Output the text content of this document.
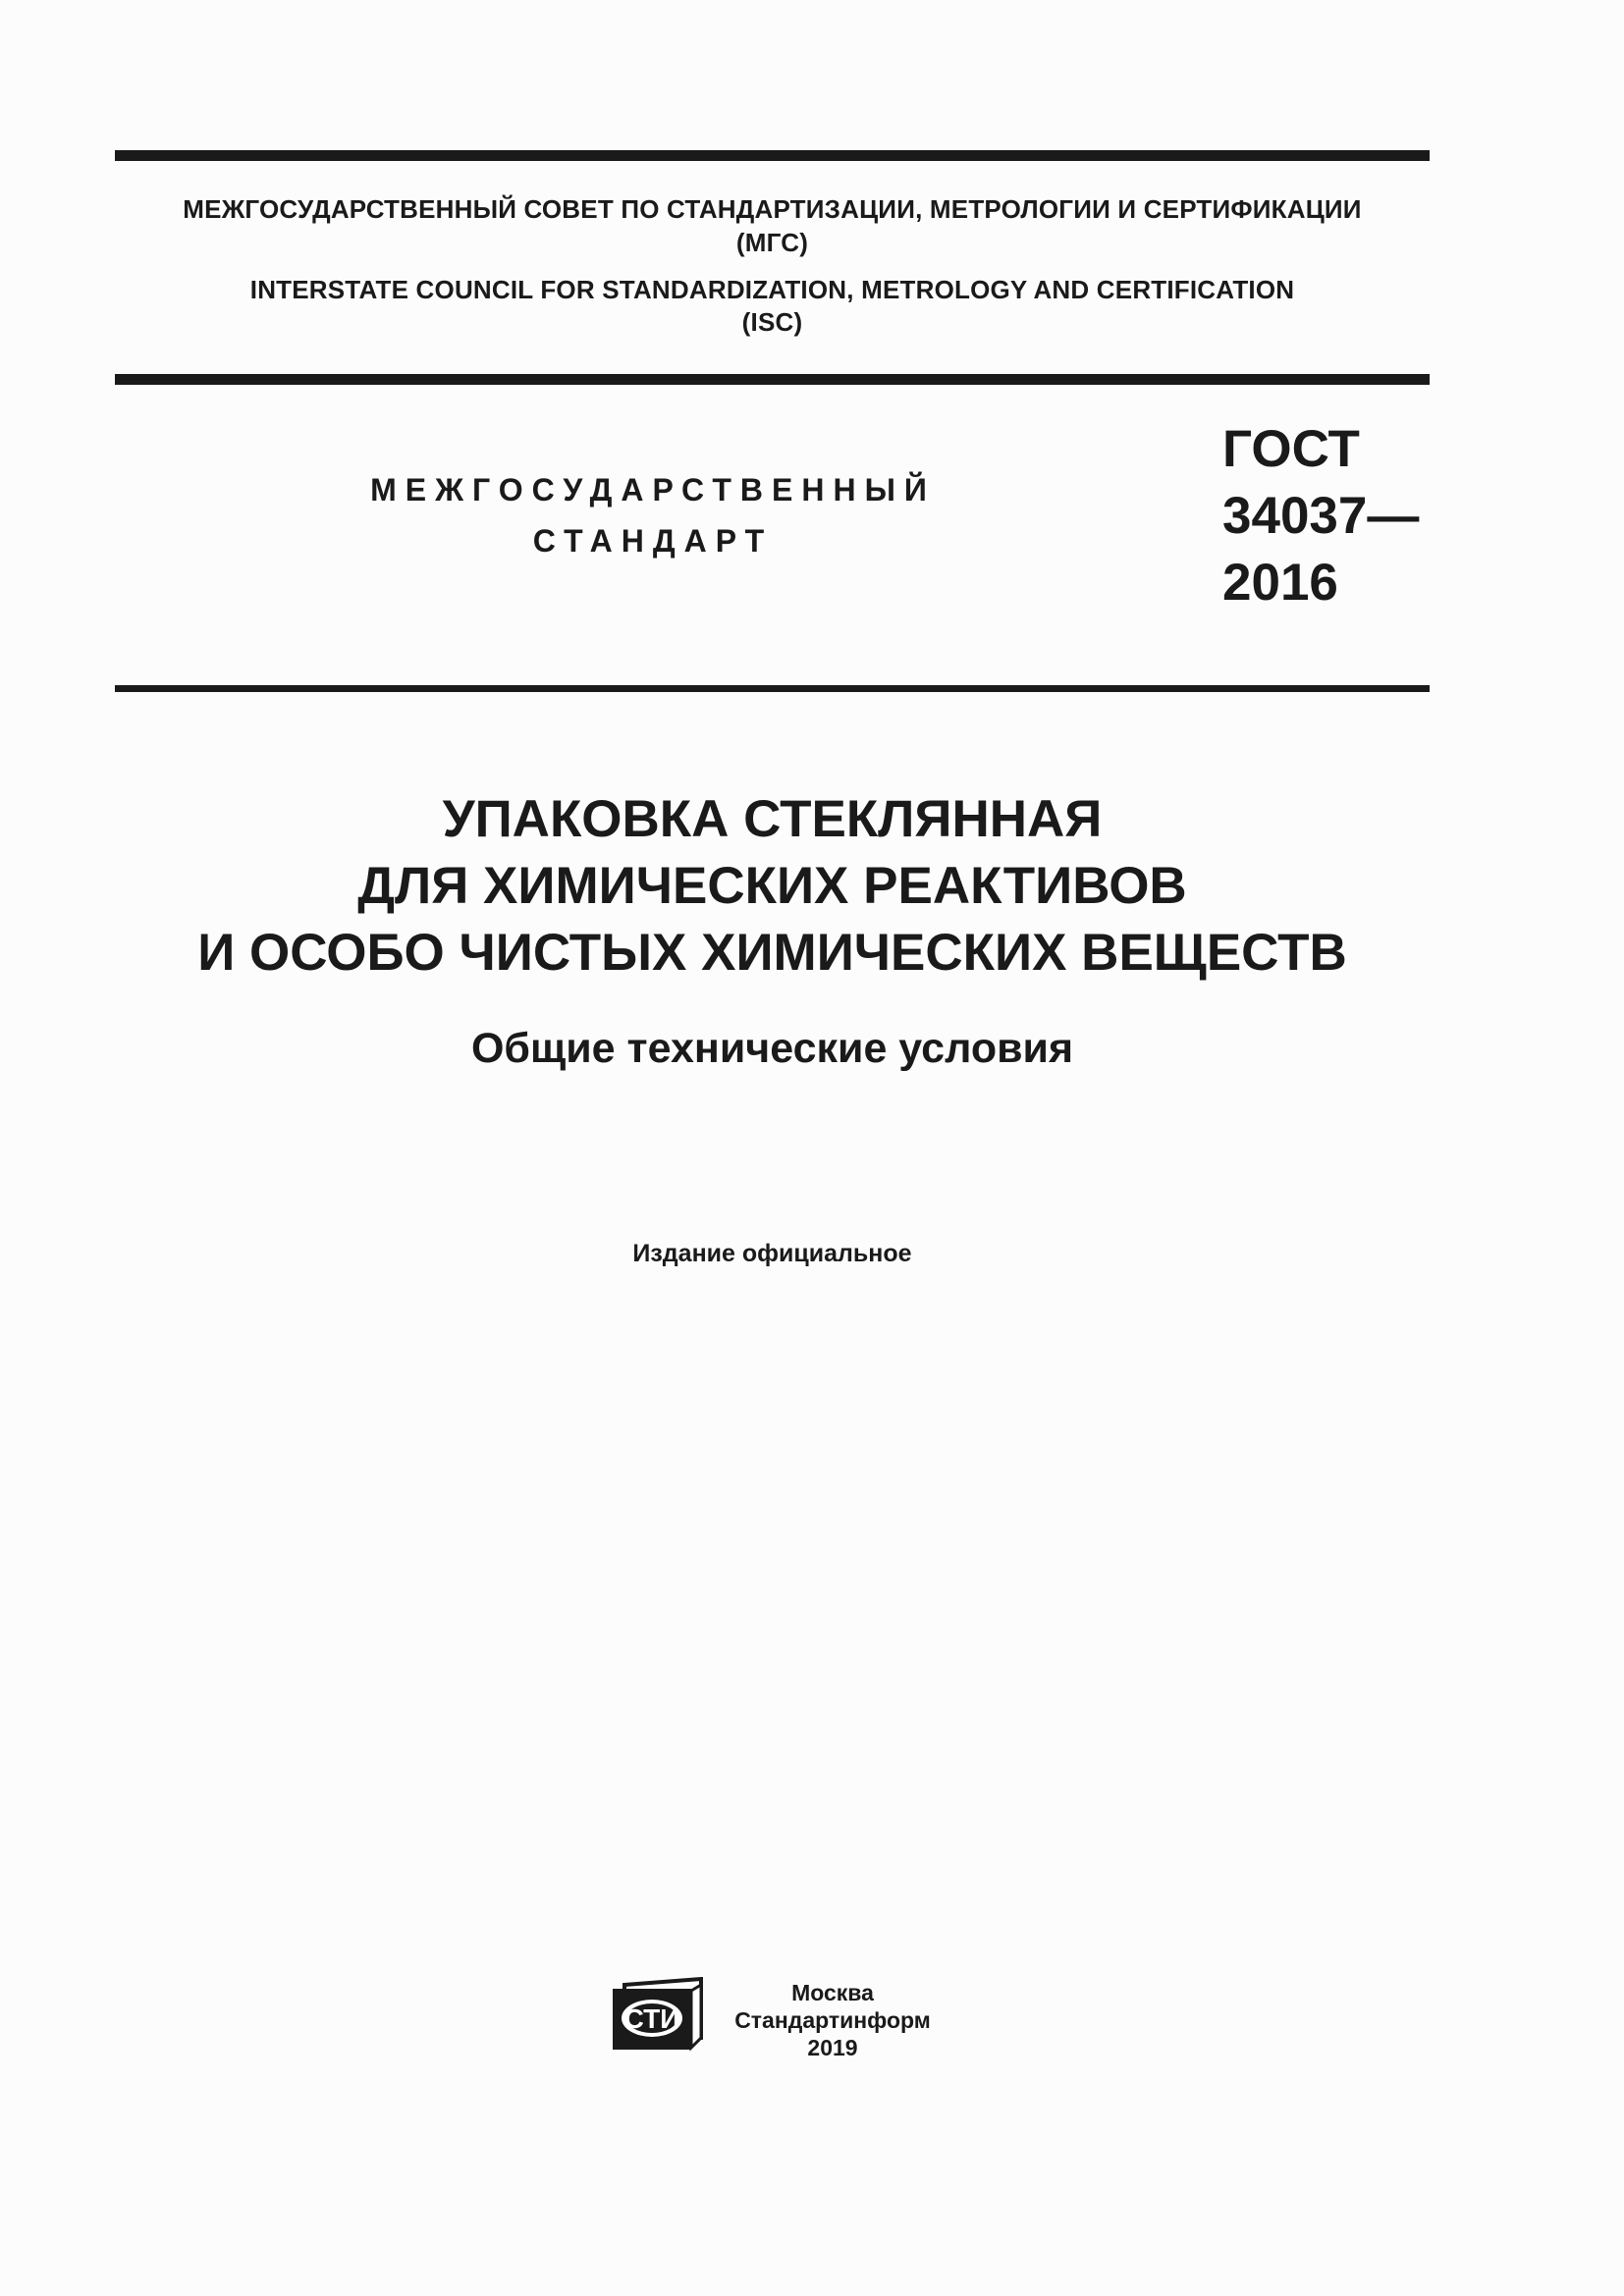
МЕЖГОСУДАРСТВЕННЫЙ СОВЕТ ПО СТАНДАРТИЗАЦИИ, МЕТРОЛОГИИ И СЕРТИФИКАЦИИ
(МГС)
INTERSTATE COUNCIL FOR STANDARDIZATION, METROLOGY AND CERTIFICATION
(ISC)
МЕЖГОСУДАРСТВЕННЫЙ
СТАНДАРТ
ГОСТ
34037—
2016
УПАКОВКА СТЕКЛЯННАЯ
ДЛЯ ХИМИЧЕСКИХ РЕАКТИВОВ
И ОСОБО ЧИСТЫХ ХИМИЧЕСКИХ ВЕЩЕСТВ
Общие технические условия
Издание официальное
СТИ
Москва
Стандартинформ
2019
